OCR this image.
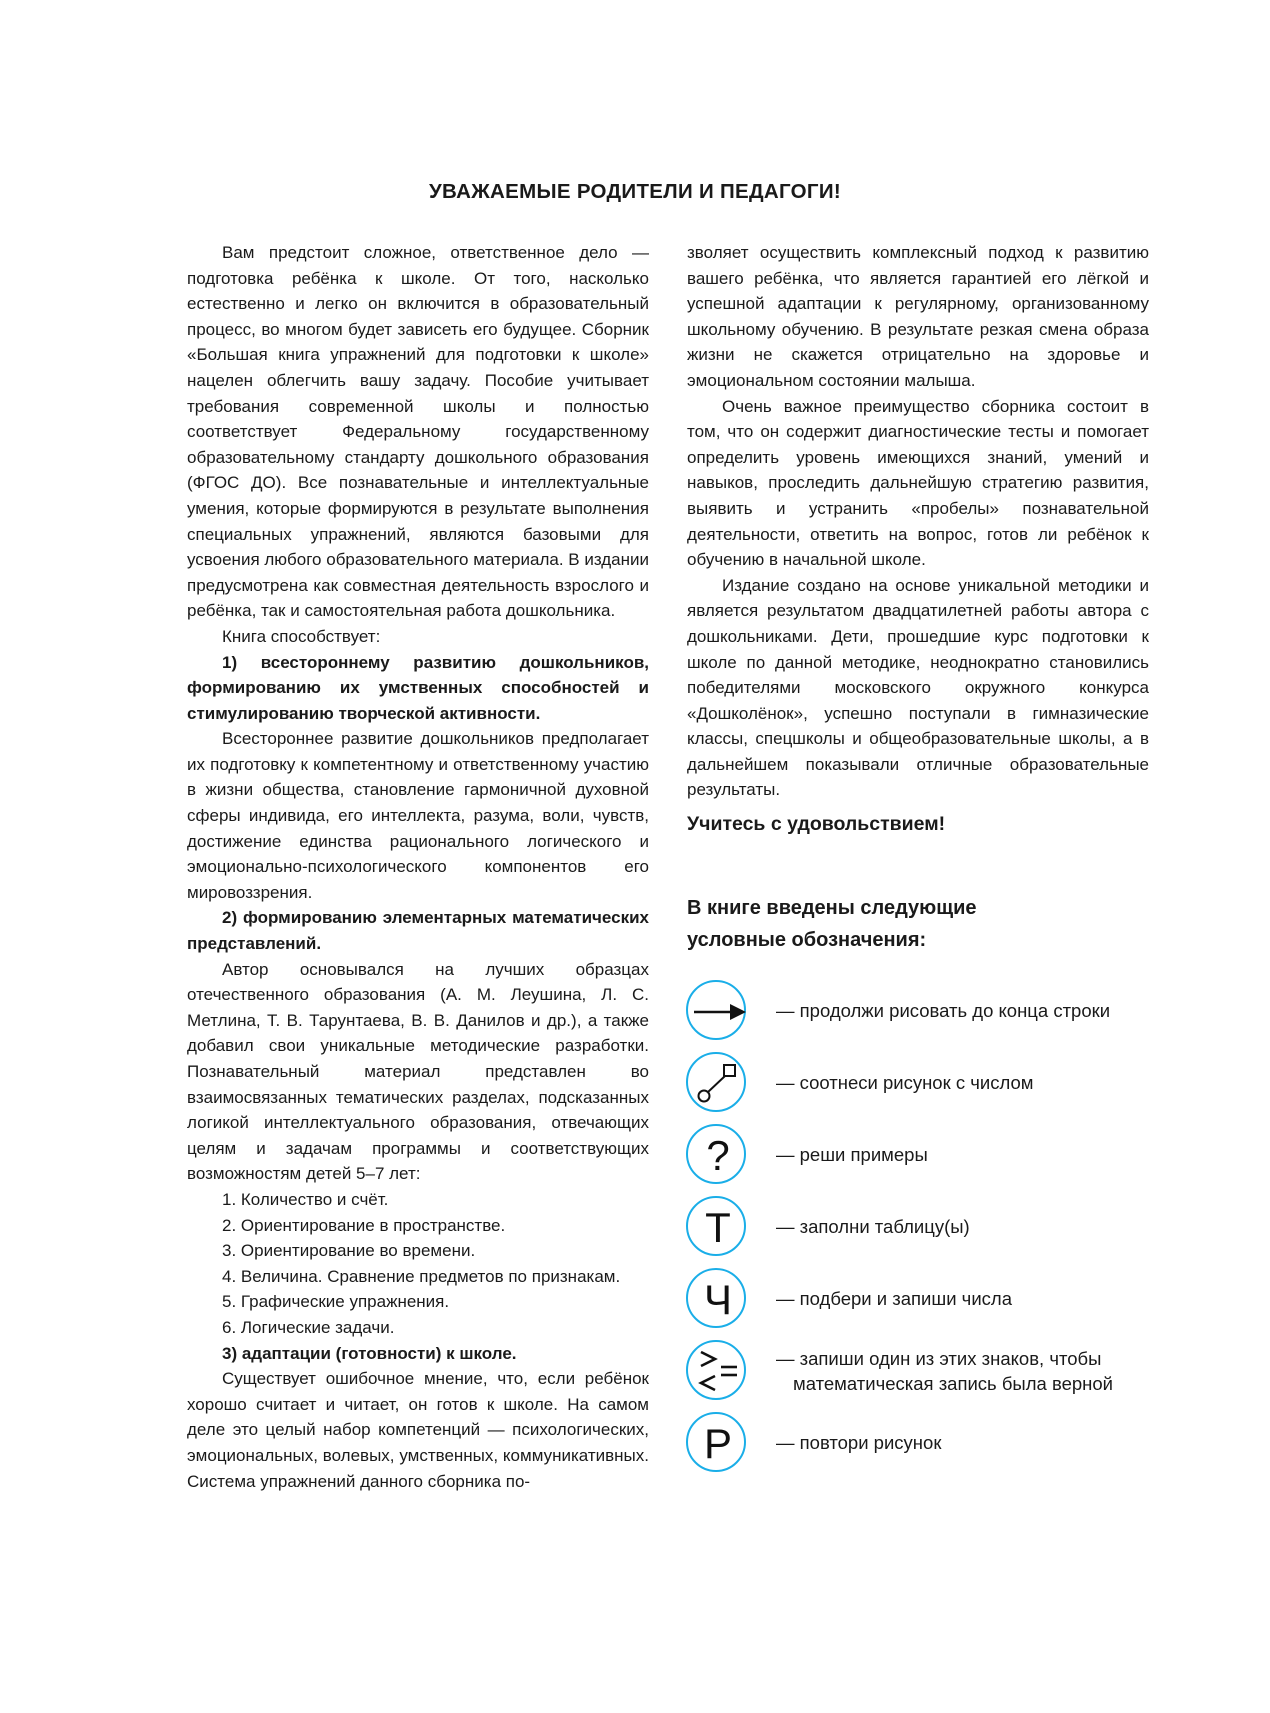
УВАЖАЕМЫЕ РОДИТЕЛИ И ПЕДАГОГИ!

Вам предстоит сложное, ответственное дело — подготовка ребёнка к школе. От того, насколько естественно и легко он включится в образовательный процесс, во многом будет зависеть его будущее. Сборник «Большая книга упражнений для подготовки к школе» нацелен облегчить вашу задачу. Пособие учитывает требования современной школы и полностью соответствует Федеральному государственному образовательному стандарту дошкольного образования (ФГОС ДО). Все познавательные и интеллектуальные умения, которые формируются в результате выполнения специальных упражнений, являются базовыми для усвоения любого образовательного материала. В издании предусмотрена как совместная деятельность взрослого и ребёнка, так и самостоятельная работа дошкольника.

Книга способствует:

1) всестороннему развитию дошкольников, формированию их умственных способностей и стимулированию творческой активности.

Всестороннее развитие дошкольников предполагает их подготовку к компетентному и ответственному участию в жизни общества, становление гармоничной духовной сферы индивида, его интеллекта, разума, воли, чувств, достижение единства рационального логического и эмоционально-психологического компонентов его мировоззрения.

2) формированию элементарных математических представлений.

Автор основывался на лучших образцах отечественного образования (А. М. Леушина, Л. С. Метлина, Т. В. Тарунтаева, В. В. Данилов и др.), а также добавил свои уникальные методические разработки. Познавательный материал представлен во взаимосвязанных тематических разделах, подсказанных логикой интеллектуального образования, отвечающих целям и задачам программы и соответствующих возможностям детей 5–7 лет:

1. Количество и счёт.

2. Ориентирование в пространстве.

3. Ориентирование во времени.

4. Величина. Сравнение предметов по признакам.

5. Графические упражнения.

6. Логические задачи.

3) адаптации (готовности) к школе.

Существует ошибочное мнение, что, если ребёнок хорошо считает и читает, он готов к школе. На самом деле это целый набор компетенций — психологических, эмоциональных, волевых, умственных, коммуникативных. Система упражнений данного сборника по-

зволяет осуществить комплексный подход к развитию вашего ребёнка, что является гарантией его лёгкой и успешной адаптации к регулярному, организованному школьному обучению. В результате резкая смена образа жизни не скажется отрицательно на здоровье и эмоциональном состоянии малыша.

Очень важное преимущество сборника состоит в том, что он содержит диагностические тесты и помогает определить уровень имеющихся знаний, умений и навыков, проследить дальнейшую стратегию развития, выявить и устранить «пробелы» познавательной деятельности, ответить на вопрос, готов ли ребёнок к обучению в начальной школе.

Издание создано на основе уникальной методики и является результатом двадцатилетней работы автора с дошкольниками. Дети, прошедшие курс подготовки к школе по данной методике, неоднократно становились победителями московского окружного конкурса «Дошколёнок», успешно поступали в гимназические классы, спецшколы и общеобразовательные школы, а в дальнейшем показывали отличные образовательные результаты.

Учитесь с удовольствием!

В книге введены следующие
условные обозначения:
— продолжи рисовать до конца строки
— соотнеси рисунок с числом
?	— реши примеры
Т	— заполни таблицу(ы)
Ч	— подбери и запиши числа
— запиши один из этих знаков, чтобы
математическая запись была верной
Р	— повтори рисунок
